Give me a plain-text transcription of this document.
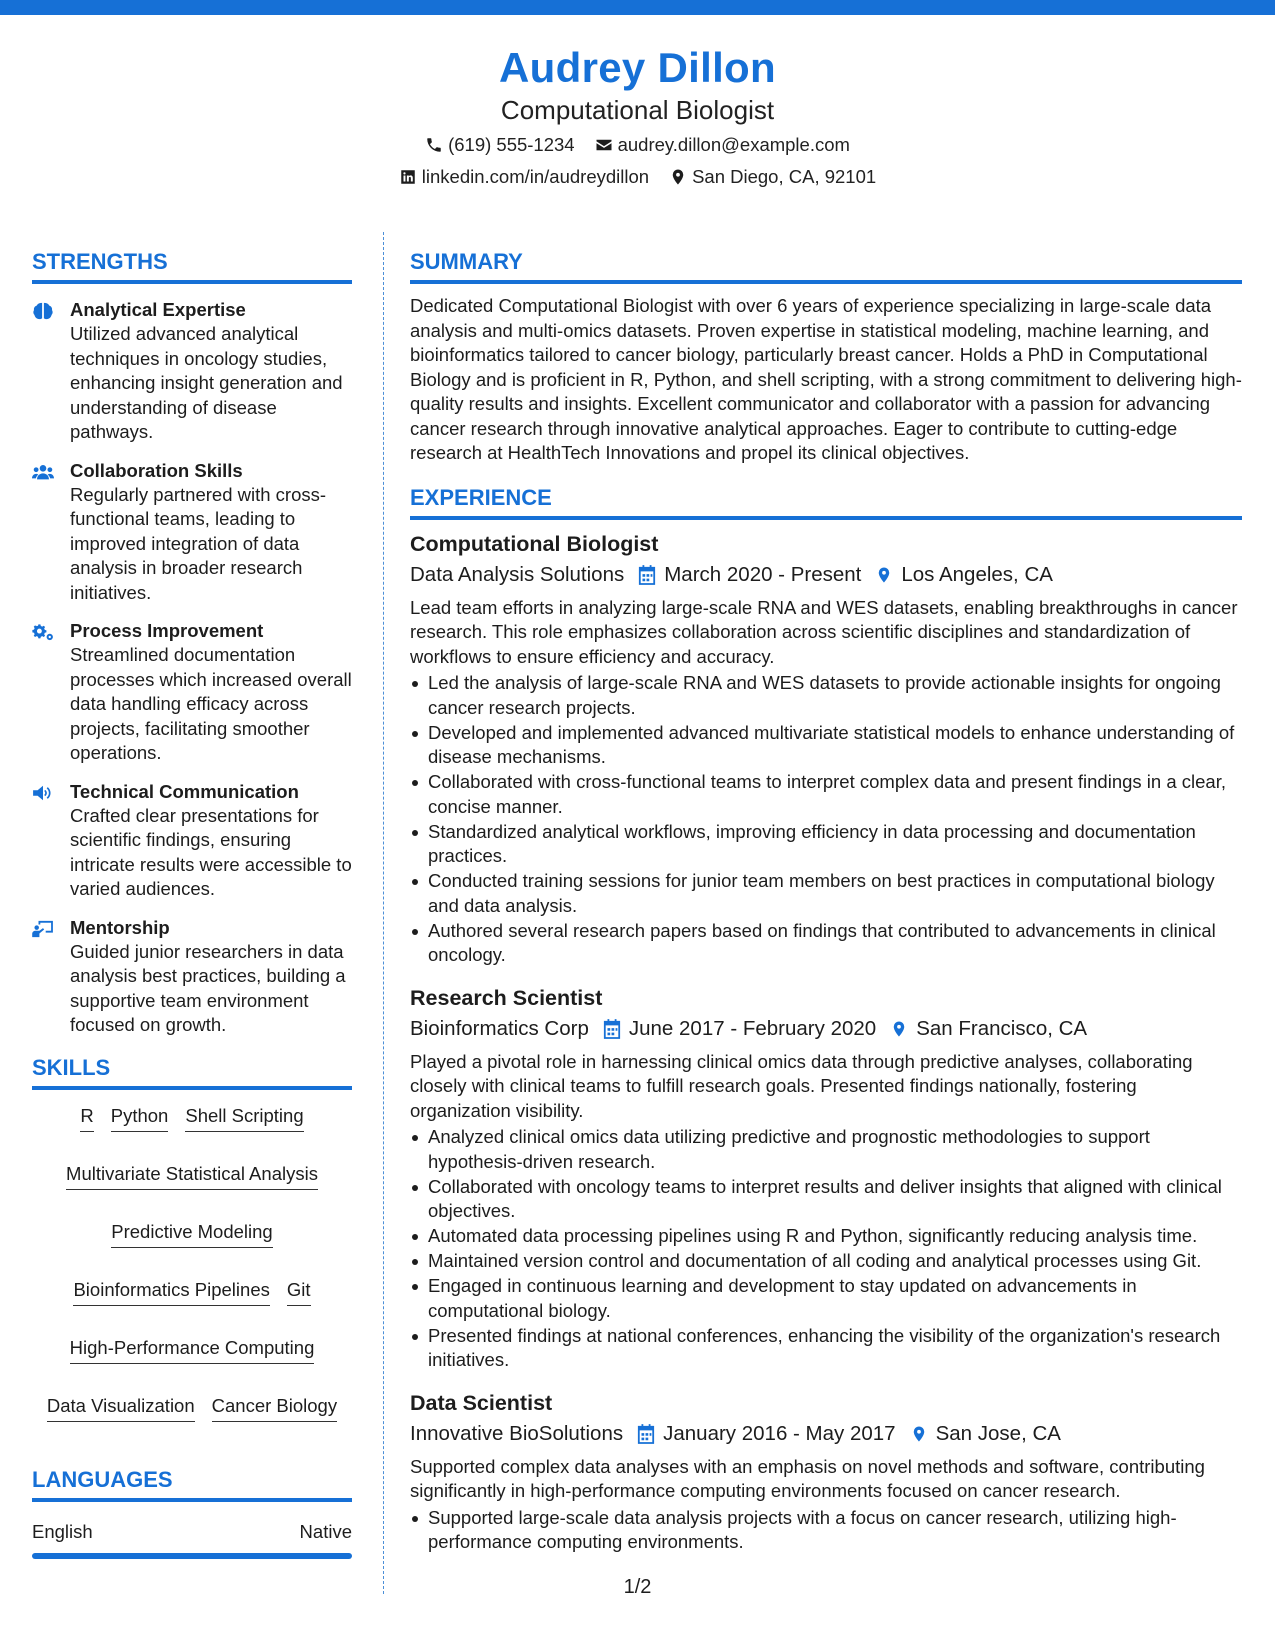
Audrey Dillon
Computational Biologist
(619) 555-1234 audrey.dillon@example.com
linkedin.com/in/audreydillon San Diego, CA, 92101
STRENGTHS
Analytical Expertise
Utilized advanced analytical techniques in oncology studies, enhancing insight generation and understanding of disease pathways.
Collaboration Skills
Regularly partnered with cross-functional teams, leading to improved integration of data analysis in broader research initiatives.
Process Improvement
Streamlined documentation processes which increased overall data handling efficacy across projects, facilitating smoother operations.
Technical Communication
Crafted clear presentations for scientific findings, ensuring intricate results were accessible to varied audiences.
Mentorship
Guided junior researchers in data analysis best practices, building a supportive team environment focused on growth.
SKILLS
R Python Shell Scripting
Multivariate Statistical Analysis
Predictive Modeling
Bioinformatics Pipelines Git
High-Performance Computing
Data Visualization Cancer Biology
LANGUAGES
English	Native
SUMMARY
Dedicated Computational Biologist with over 6 years of experience specializing in large-scale data analysis and multi-omics datasets. Proven expertise in statistical modeling, machine learning, and bioinformatics tailored to cancer biology, particularly breast cancer. Holds a PhD in Computational Biology and is proficient in R, Python, and shell scripting, with a strong commitment to delivering high-quality results and insights. Excellent communicator and collaborator with a passion for advancing cancer research through innovative analytical approaches. Eager to contribute to cutting-edge research at HealthTech Innovations and propel its clinical objectives.
EXPERIENCE
Computational Biologist
Data Analysis Solutions March 2020 - Present Los Angeles, CA
Lead team efforts in analyzing large-scale RNA and WES datasets, enabling breakthroughs in cancer research. This role emphasizes collaboration across scientific disciplines and standardization of workflows to ensure efficiency and accuracy.
Led the analysis of large-scale RNA and WES datasets to provide actionable insights for ongoing cancer research projects.
Developed and implemented advanced multivariate statistical models to enhance understanding of disease mechanisms.
Collaborated with cross-functional teams to interpret complex data and present findings in a clear, concise manner.
Standardized analytical workflows, improving efficiency in data processing and documentation practices.
Conducted training sessions for junior team members on best practices in computational biology and data analysis.
Authored several research papers based on findings that contributed to advancements in clinical oncology.
Research Scientist
Bioinformatics Corp June 2017 - February 2020 San Francisco, CA
Played a pivotal role in harnessing clinical omics data through predictive analyses, collaborating closely with clinical teams to fulfill research goals. Presented findings nationally, fostering organization visibility.
Analyzed clinical omics data utilizing predictive and prognostic methodologies to support hypothesis-driven research.
Collaborated with oncology teams to interpret results and deliver insights that aligned with clinical objectives.
Automated data processing pipelines using R and Python, significantly reducing analysis time.
Maintained version control and documentation of all coding and analytical processes using Git.
Engaged in continuous learning and development to stay updated on advancements in computational biology.
Presented findings at national conferences, enhancing the visibility of the organization's research initiatives.
Data Scientist
Innovative BioSolutions January 2016 - May 2017 San Jose, CA
Supported complex data analyses with an emphasis on novel methods and software, contributing significantly in high-performance computing environments focused on cancer research.
Supported large-scale data analysis projects with a focus on cancer research, utilizing high-performance computing environments.
1/2
